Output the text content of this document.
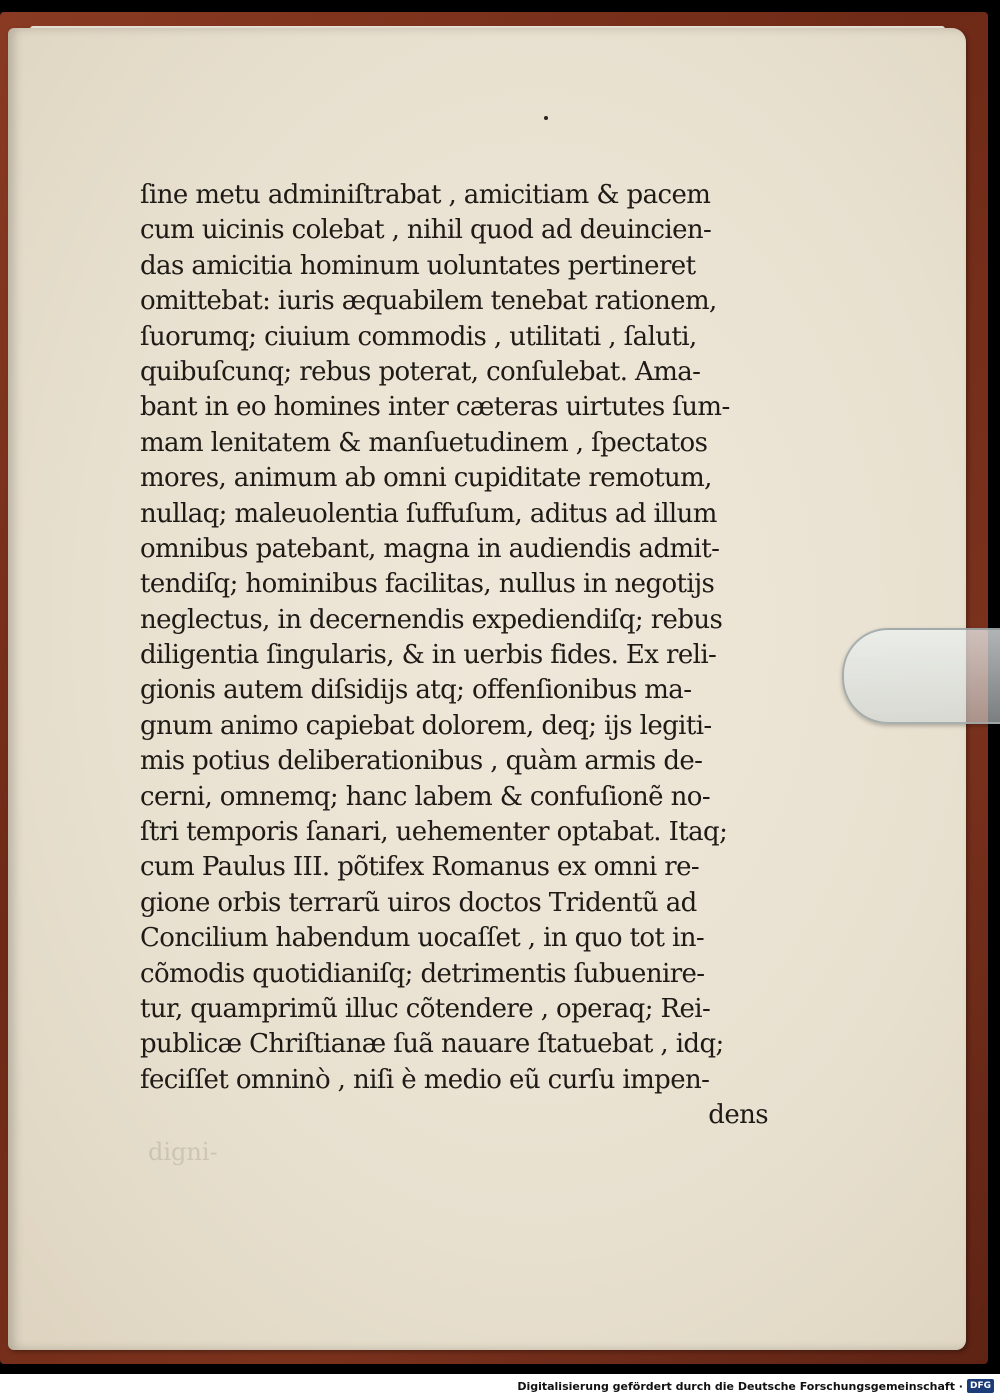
digni-
ſine metu adminiſtrabat , amicitiam & pacem
cum uicinis colebat , nihil quod ad deuincien-
das amicitia hominum uoluntates pertineret
omittebat: iuris æquabilem tenebat rationem,
ſuorumq; ciuium commodis , utilitati , ſaluti,
quibuſcunq; rebus poterat, conſulebat. Ama-
bant in eo homines inter cæteras uirtutes ſum-
mam lenitatem & manſuetudinem , ſpectatos
mores, animum ab omni cupiditate remotum,
nullaq; maleuolentia ſuffuſum, aditus ad illum
omnibus patebant, magna in audiendis admit-
tendiſq; hominibus facilitas, nullus in negotijs
neglectus, in decernendis expediendiſq; rebus
diligentia ſingularis, & in uerbis fides. Ex reli-
gionis autem diſsidijs atq; offenſionibus ma-
gnum animo capiebat dolorem, deq; ijs legiti-
mis potius deliberationibus , quàm armis de-
cerni, omnemq; hanc labem & confuſionẽ no-
ſtri temporis ſanari, uehementer optabat. Itaq;
cum Paulus III. põtifex Romanus ex omni re-
gione orbis terrarũ uiros doctos Tridentũ ad
Concilium habendum uocaſſet , in quo tot in-
cõmodis quotidianiſq; detrimentis ſubuenire-
tur, quamprimũ illuc cõtendere , operaq; Rei-
publicæ Chriſtianæ ſuã nauare ſtatuebat , idq;
feciſſet omninò , niſi è medio eũ curſu impen-
dens
Digitalisierung gefördert durch die Deutsche Forschungsgemeinschaft · DFG
